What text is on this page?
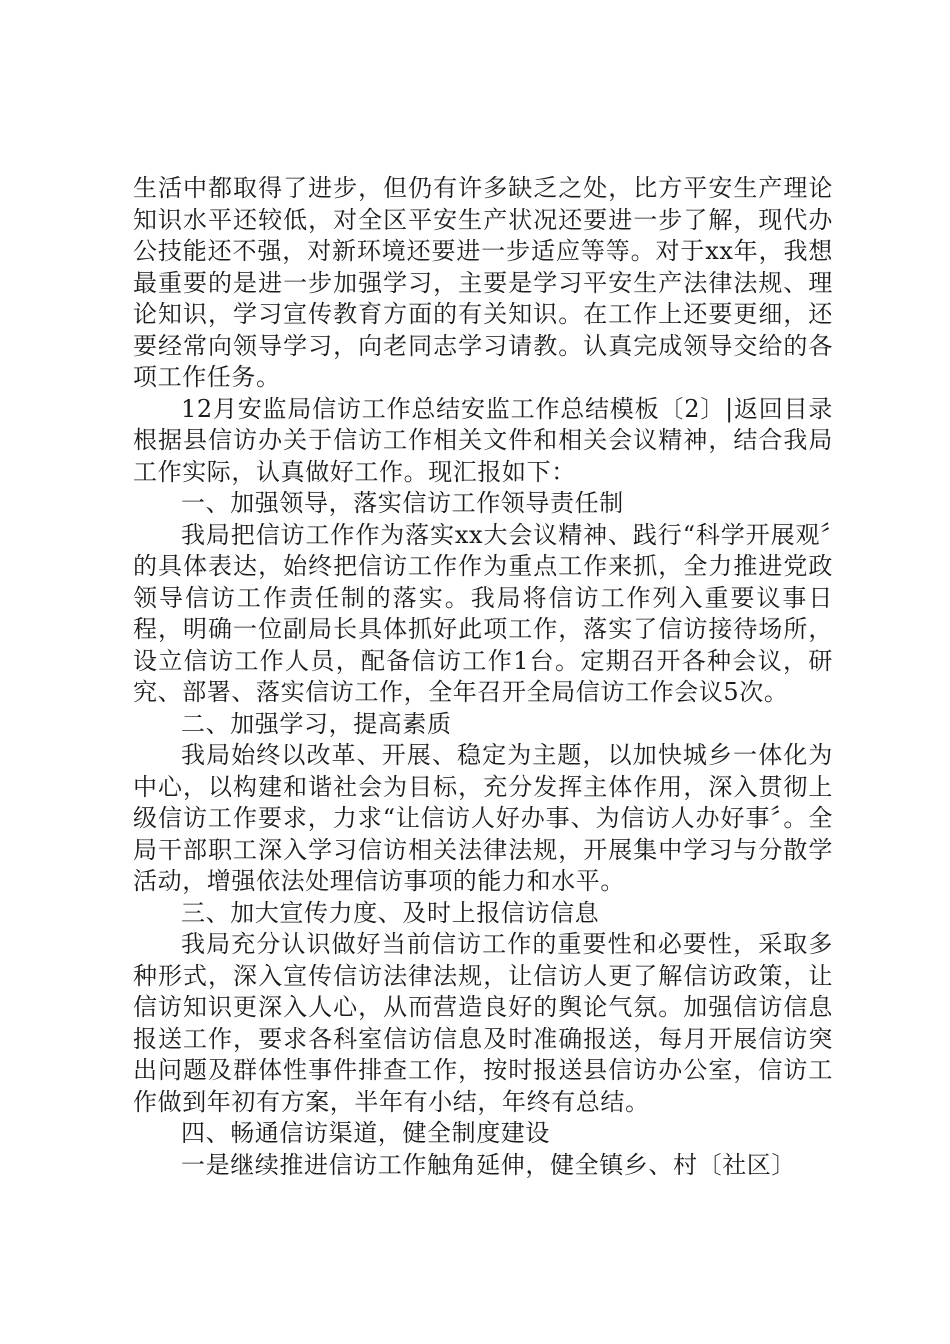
生活中都取得了进步，但仍有许多缺乏之处，比方平安生产理论知识水平还较低，对全区平安生产状况还要进一步了解，现代办公技能还不强，对新环境还要进一步适应等等。对于xx年，我想最重要的是进一步加强学习，主要是学习平安生产法律法规、理论知识，学习宣传教育方面的有关知识。在工作上还要更细，还要经常向领导学习，向老同志学习请教。认真完成领导交给的各项工作任务。

12月安监局信访工作总结安监工作总结模板〔2〕|返回目录根据县信访办关于信访工作相关文件和相关会议精神，结合我局工作实际，认真做好工作。现汇报如下：

一、加强领导，落实信访工作领导责任制

我局把信访工作作为落实xx大会议精神、践行“科学开展观〞的具体表达，始终把信访工作作为重点工作来抓，全力推进党政领导信访工作责任制的落实。我局将信访工作列入重要议事日程，明确一位副局长具体抓好此项工作，落实了信访接待场所，设立信访工作人员，配备信访工作1台。定期召开各种会议，研究、部署、落实信访工作，全年召开全局信访工作会议5次。

二、加强学习，提高素质

我局始终以改革、开展、稳定为主题，以加快城乡一体化为中心，以构建和谐社会为目标，充分发挥主体作用，深入贯彻上级信访工作要求，力求“让信访人好办事、为信访人办好事〞。全局干部职工深入学习信访相关法律法规，开展集中学习与分散学活动，增强依法处理信访事项的能力和水平。

三、加大宣传力度、及时上报信访信息

我局充分认识做好当前信访工作的重要性和必要性，采取多种形式，深入宣传信访法律法规，让信访人更了解信访政策，让信访知识更深入人心，从而营造良好的舆论气氛。加强信访信息报送工作，要求各科室信访信息及时准确报送，每月开展信访突出问题及群体性事件排查工作，按时报送县信访办公室，信访工作做到年初有方案，半年有小结，年终有总结。

四、畅通信访渠道，健全制度建设

一是继续推进信访工作触角延伸，健全镇乡、村〔社区〕
